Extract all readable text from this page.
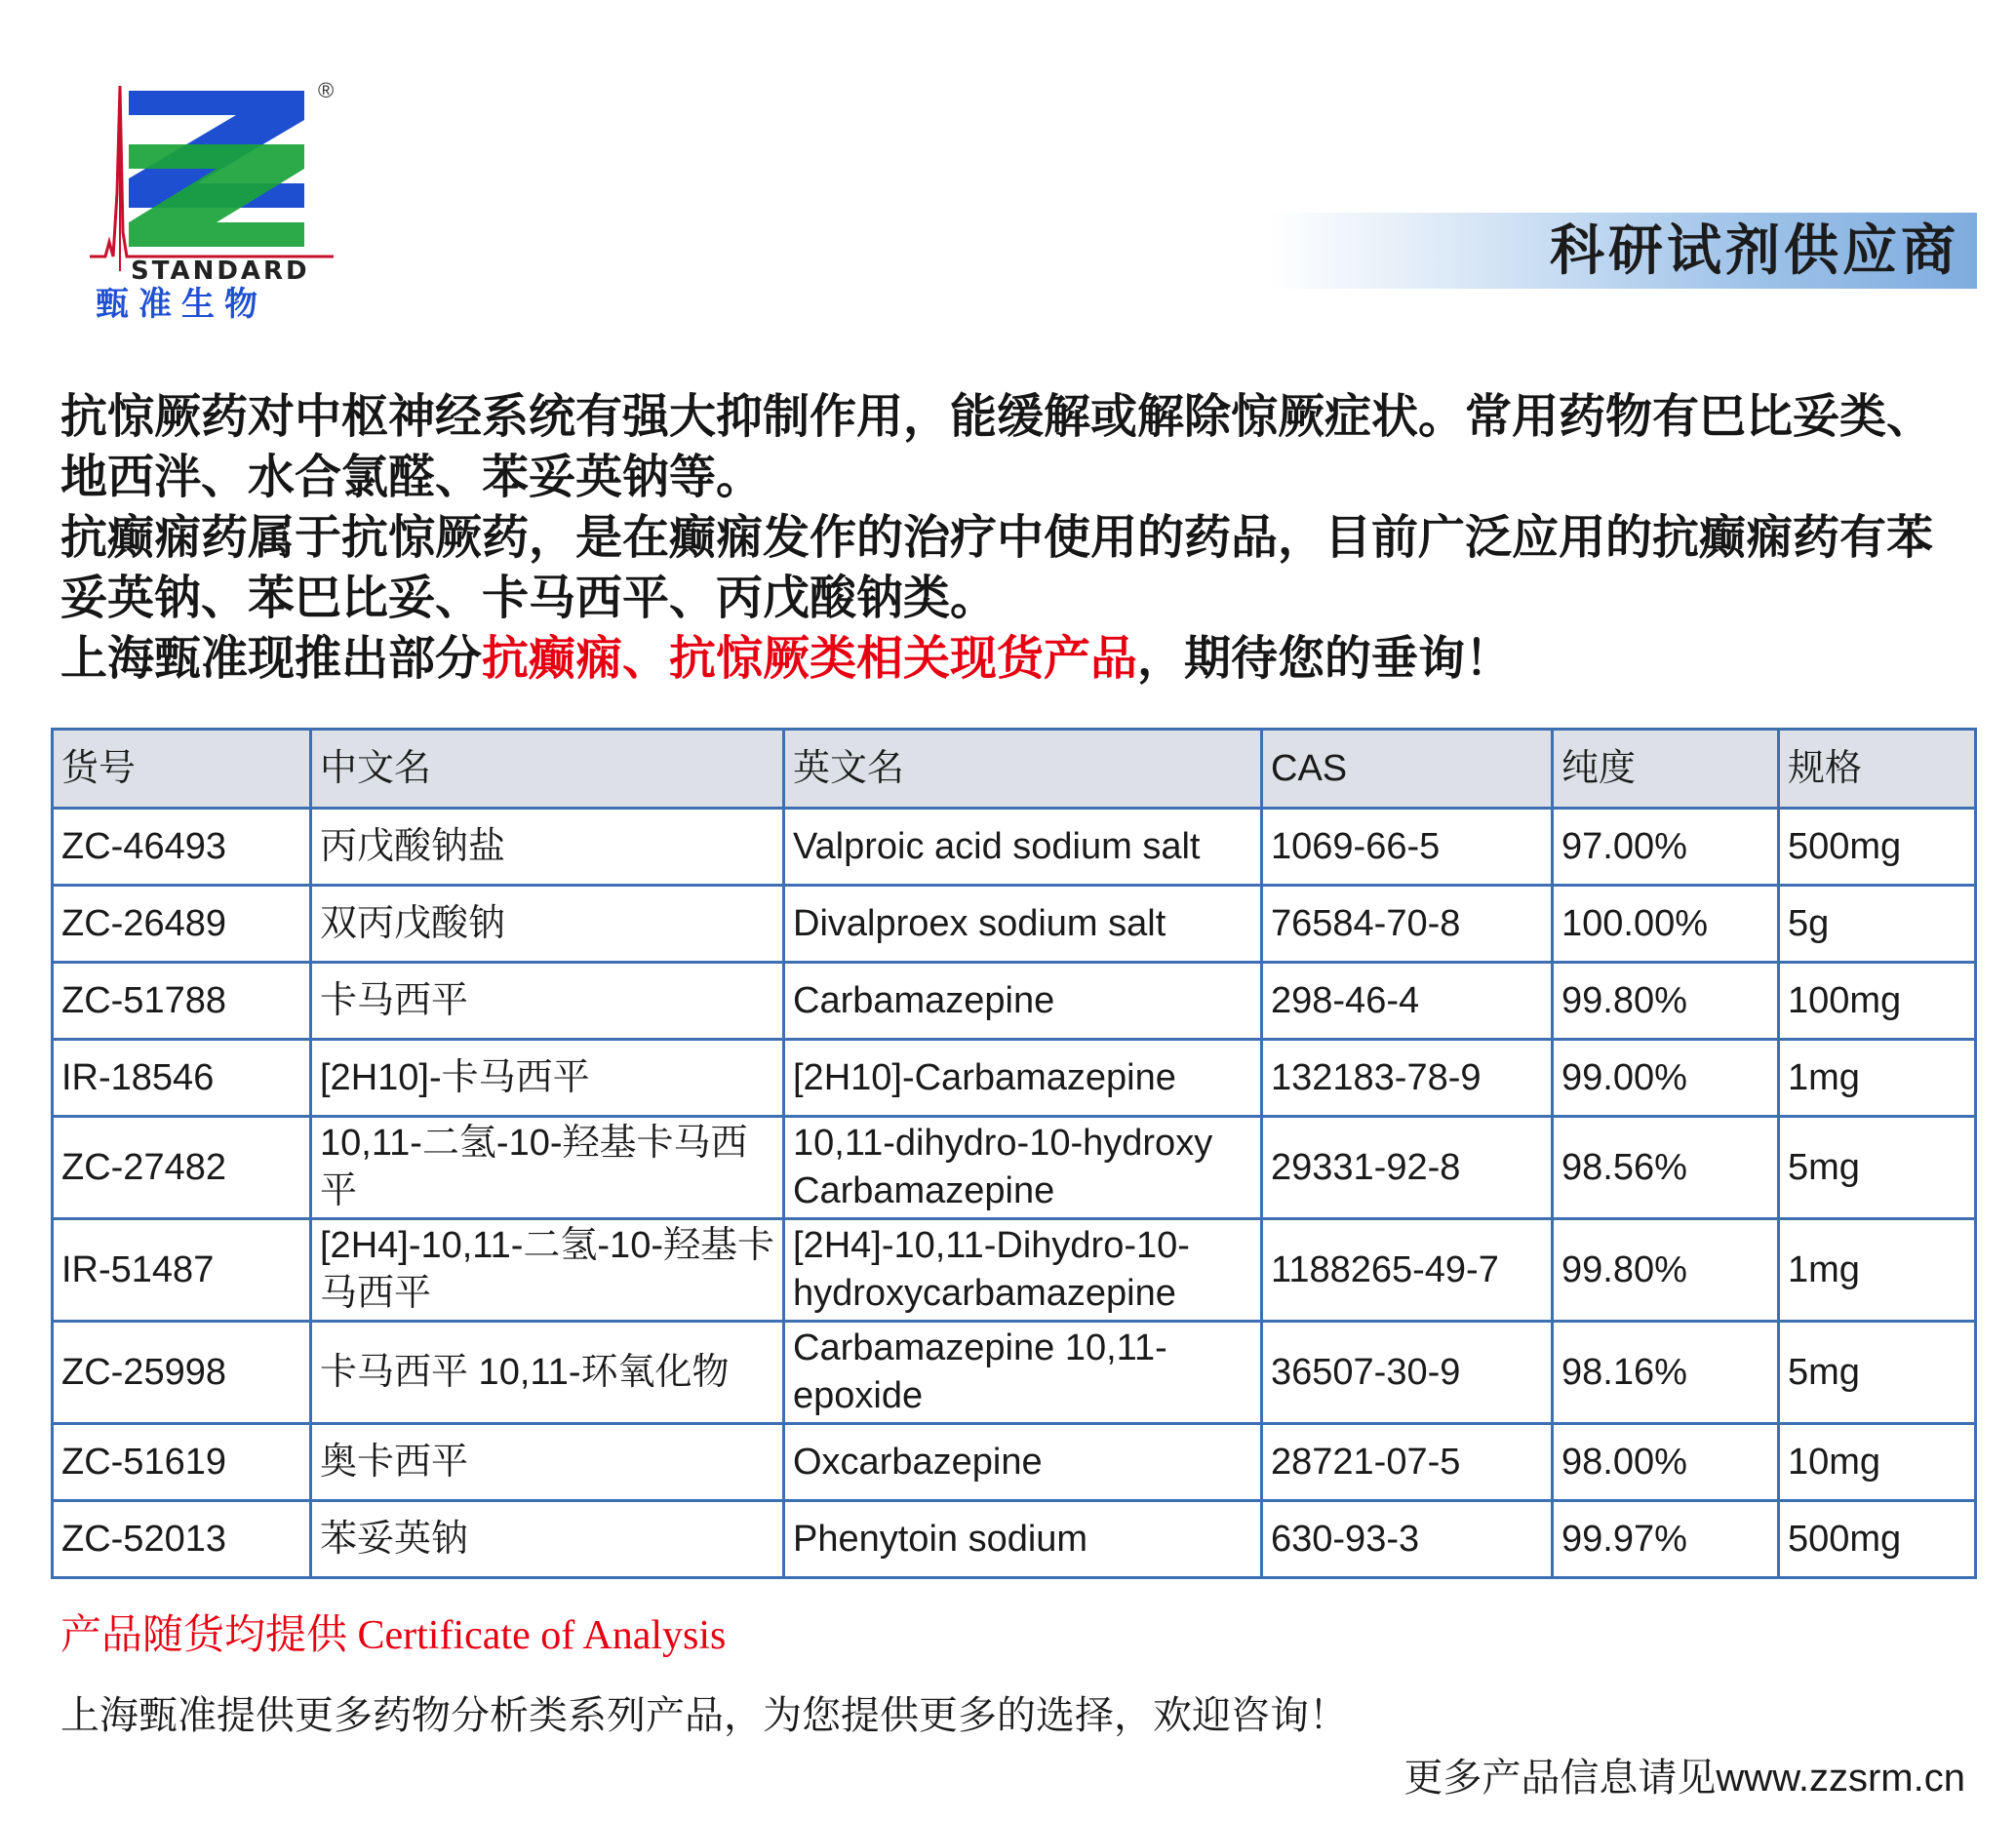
®
STANDARD
甄准生物
科研试剂供应商

抗惊厥药对中枢神经系统有强大抑制作用，能缓解或解除惊厥症状。常用药物有巴比妥类、地西泮、水合氯醛、苯妥英钠等。

抗癫痫药属于抗惊厥药，是在癫痫发作的治疗中使用的药品，目前广泛应用的抗癫痫药有苯妥英钠、苯巴比妥、卡马西平、丙戊酸钠类。

上海甄准现推出部分抗癫痫、抗惊厥类相关现货产品，期待您的垂询！

货号	中文名	英文名	CAS	纯度	规格
ZC-46493	丙戊酸钠盐	Valproic acid sodium salt	1069-66-5	97.00%	500mg
ZC-26489	双丙戊酸钠	Divalproex sodium salt	76584-70-8	100.00%	5g
ZC-51788	卡马西平	Carbamazepine	298-46-4	99.80%	100mg
IR-18546	[2H10]-卡马西平	[2H10]-Carbamazepine	132183-78-9	99.00%	1mg
ZC-27482	10,11-二氢-10-羟基卡马西平	10,11-dihydro-10-hydroxy Carbamazepine	29331-92-8	98.56%	5mg
IR-51487	[2H4]-10,11-二氢-10-羟基卡马西平	[2H4]-10,11-Dihydro-10-hydroxycarbamazepine	1188265-49-7	99.80%	1mg
ZC-25998	卡马西平 10,11-环氧化物	Carbamazepine 10,11-epoxide	36507-30-9	98.16%	5mg
ZC-51619	奥卡西平	Oxcarbazepine	28721-07-5	98.00%	10mg
ZC-52013	苯妥英钠	Phenytoin sodium	630-93-3	99.97%	500mg
产品随货均提供 Certificate of Analysis
上海甄准提供更多药物分析类系列产品，为您提供更多的选择，欢迎咨询！
更多产品信息请见www.zzsrm.cn
